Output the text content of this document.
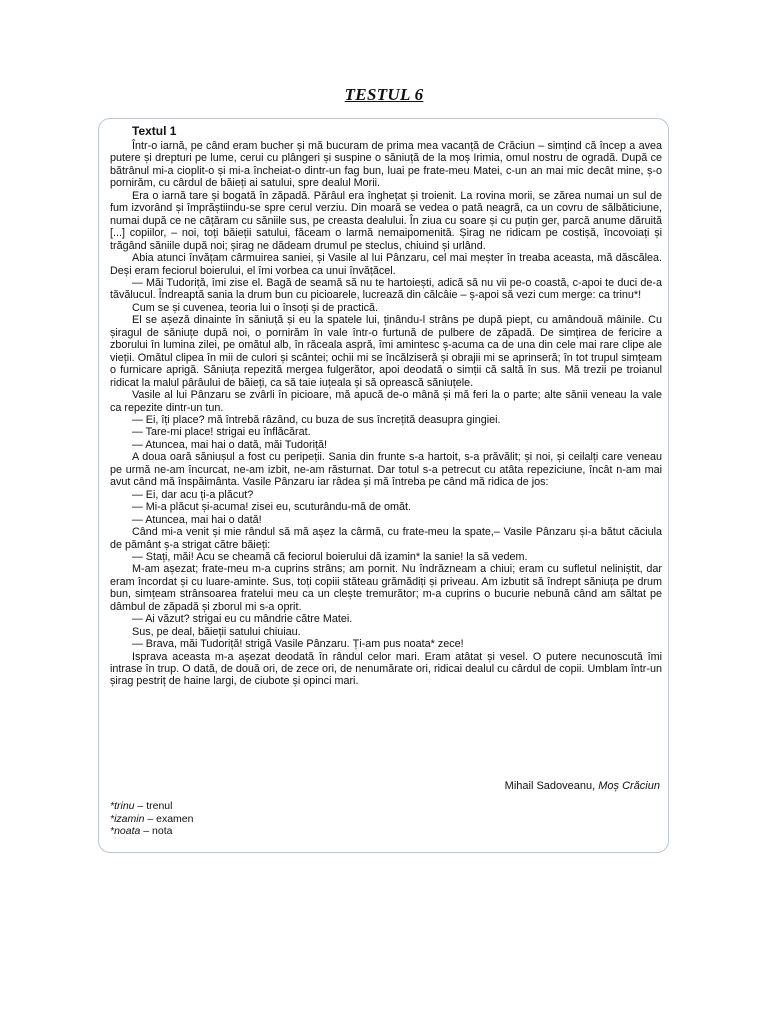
TESTUL 6
Textul 1

Într-o iarnă, pe când eram bucher și mă bucuram de prima mea vacanță de Crăciun – simțind că încep a avea putere și drepturi pe lume, cerui cu plângeri și suspine o săniuță de la moș Irimia, omul nostru de ogradă. După ce bătrânul mi-a cioplit-o și mi-a încheiat-o dintr-un fag bun, luai pe frate-meu Matei, c-un an mai mic decât mine, ș-o pornirăm, cu cârdul de băieți ai satului, spre dealul Morii.

Era o iarnă tare și bogată în zăpadă. Părâul era înghețat și troienit. La rovina morii, se zărea numai un sul de fum izvorând și împrăștiindu-se spre cerul verziu. Din moară se vedea o pată neagră, ca un covru de sălbăticiune, numai după ce ne cățăram cu săniile sus, pe creasta dealului. În ziua cu soare și cu puțin ger, parcă anume dăruită [...] copiilor, – noi, toți băieții satului, făceam o larmă nemaipomenită. Șirag ne ridicam pe costișă, încovoiați și trăgând săniile după noi; șirag ne dădeam drumul pe steclus, chiuind și urlând.

Abia atunci învățam cârmuirea saniei, și Vasile al lui Pânzaru, cel mai meșter în treaba aceasta, mă dăscălea. Deși eram feciorul boierului, el îmi vorbea ca unui învățăcel.

— Măi Tudoriță, îmi zise el. Bagă de seamă să nu te hartoiești, adică să nu vii pe-o coastă, c-apoi te duci de-a tăvălucul. Îndreaptă sania la drum bun cu picioarele, lucrează din călcâie – ș-apoi să vezi cum merge: ca trinu*!

Cum se și cuvenea, teoria lui o însoți și de practică.

El se așeză dinainte în săniuță și eu la spatele lui, ținându-l strâns pe după piept, cu amândouă mâinile. Cu șiragul de săniuțe după noi, o pornirăm în vale într-o furtună de pulbere de zăpadă. De simțirea de fericire a zborului în lumina zilei, pe omătul alb, în răceala aspră, îmi amintesc ș-acuma ca de una din cele mai rare clipe ale vieții. Omătul clipea în mii de culori și scântei; ochii mi se încălziseră și obrajii mi se aprinseră; în tot trupul simțeam o furnicare aprigă. Săniuța repezită mergea fulgerător, apoi deodată o simții că saltă în sus. Mă trezii pe troianul ridicat la malul pârâului de băieți, ca să taie iuțeala și să oprească săniuțele.

Vasile al lui Pânzaru se zvârli în picioare, mă apucă de-o mână și mă feri la o parte; alte sănii veneau la vale ca repezite dintr-un tun.

— Ei, îți place? mă întrebă râzând, cu buza de sus încrețită deasupra gingiei.

— Tare-mi place! strigai eu înflăcărat.

— Atuncea, mai hai o dată, măi Tudoriță!

A doua oară săniușul a fost cu peripeții. Sania din frunte s-a hartoit, s-a prăvălit; și noi, și ceilalți care veneau pe urmă ne-am încurcat, ne-am izbit, ne-am răsturnat. Dar totul s-a petrecut cu atâta repeziciune, încât n-am mai avut când mă înspăimânta. Vasile Pânzaru iar râdea și mă întreba pe când mă ridica de jos:

— Ei, dar acu ți-a plăcut?

— Mi-a plăcut și-acuma! zisei eu, scuturându-mă de omăt.

— Atuncea, mai hai o dată!

Când mi-a venit și mie rândul să mă așez la cârmă, cu frate-meu la spate,– Vasile Pânzaru și-a bătut căciula de pământ ș-a strigat către băieți:

— Stați, măi! Acu se cheamă că feciorul boierului dă izamin* la sanie! la să vedem.

M-am așezat; frate-meu m-a cuprins strâns; am pornit. Nu îndrăzneam a chiui; eram cu sufletul neliniștit, dar eram încordat și cu luare-aminte. Sus, toți copiii stăteau grămădiți și priveau. Am izbutit să îndrept săniuța pe drum bun, simțeam strânsoarea fratelui meu ca un clește tremurător; m-a cuprins o bucurie nebună când am săltat pe dâmbul de zăpadă și zborul mi s-a oprit.

— Ai văzut? strigai eu cu mândrie către Matei.

Sus, pe deal, băieții satului chiuiau.

— Brava, măi Tudoriță! strigă Vasile Pânzaru. Ți-am pus noata* zece!

Isprava aceasta m-a așezat deodată în rândul celor mari. Eram atâtat și vesel. O putere necunoscută îmi intrase în trup. O dată, de două ori, de zece ori, de nenumărate ori, ridicai dealul cu cârdul de copii. Umblam într-un șirag pestriț de haine largi, de ciubote și opinci mari.

Mihail Sadoveanu, Moș Crăciun
*trinu – trenul
*izamin – examen
*noata – nota
